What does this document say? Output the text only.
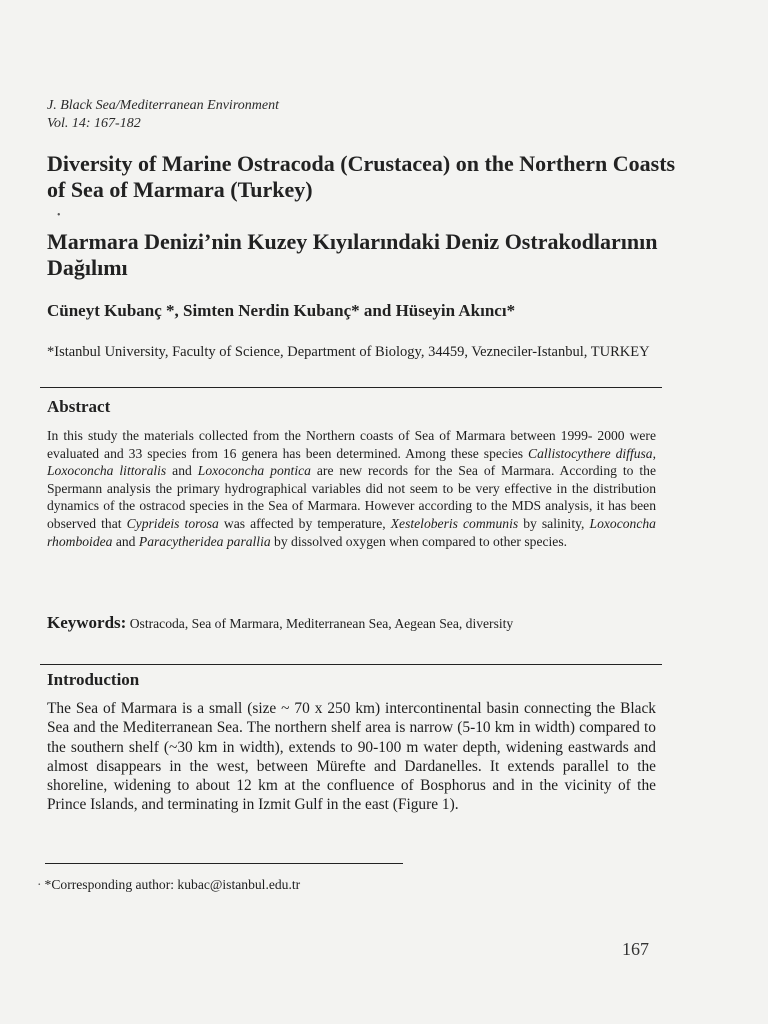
J. Black Sea/Mediterranean Environment
Vol. 14: 167-182
Diversity of Marine Ostracoda (Crustacea) on the Northern Coasts of Sea of Marmara (Turkey)
•
Marmara Denizi’nin Kuzey Kıyılarındaki Deniz Ostrakodlarının Dağılımı
Cüneyt Kubanç *, Simten Nerdin Kubanç* and Hüseyin Akıncı*
*Istanbul University, Faculty of Science, Department of Biology, 34459, Vezneciler-Istanbul, TURKEY
Abstract

In this study the materials collected from the Northern coasts of Sea of Marmara between 1999- 2000 were evaluated and 33 species from 16 genera has been determined. Among these species Callistocythere diffusa, Loxoconcha littoralis and Loxoconcha pontica are new records for the Sea of Marmara. According to the Spermann analysis the primary hydrographical variables did not seem to be very effective in the distribution dynamics of the ostracod species in the Sea of Marmara. However according to the MDS analysis, it has been observed that Cyprideis torosa was affected by temperature, Xesteloberis communis by salinity, Loxoconcha rhomboidea and Paracytheridea parallia by dissolved oxygen when compared to other species.

Keywords: Ostracoda, Sea of Marmara, Mediterranean Sea, Aegean Sea, diversity
Introduction

The Sea of Marmara is a small (size ~ 70 x 250 km) intercontinental basin connecting the Black Sea and the Mediterranean Sea. The northern shelf area is narrow (5-10 km in width) compared to the southern shelf (~30 km in width), extends to 90-100 m water depth, widening eastwards and almost disappears in the west, between Mürefte and Dardanelles. It extends parallel to the shoreline, widening to about 12 km at the confluence of Bosphorus and in the vicinity of the Prince Islands, and terminating in Izmit Gulf in the east (Figure 1).

· *Corresponding author: kubac@istanbul.edu.tr
167
